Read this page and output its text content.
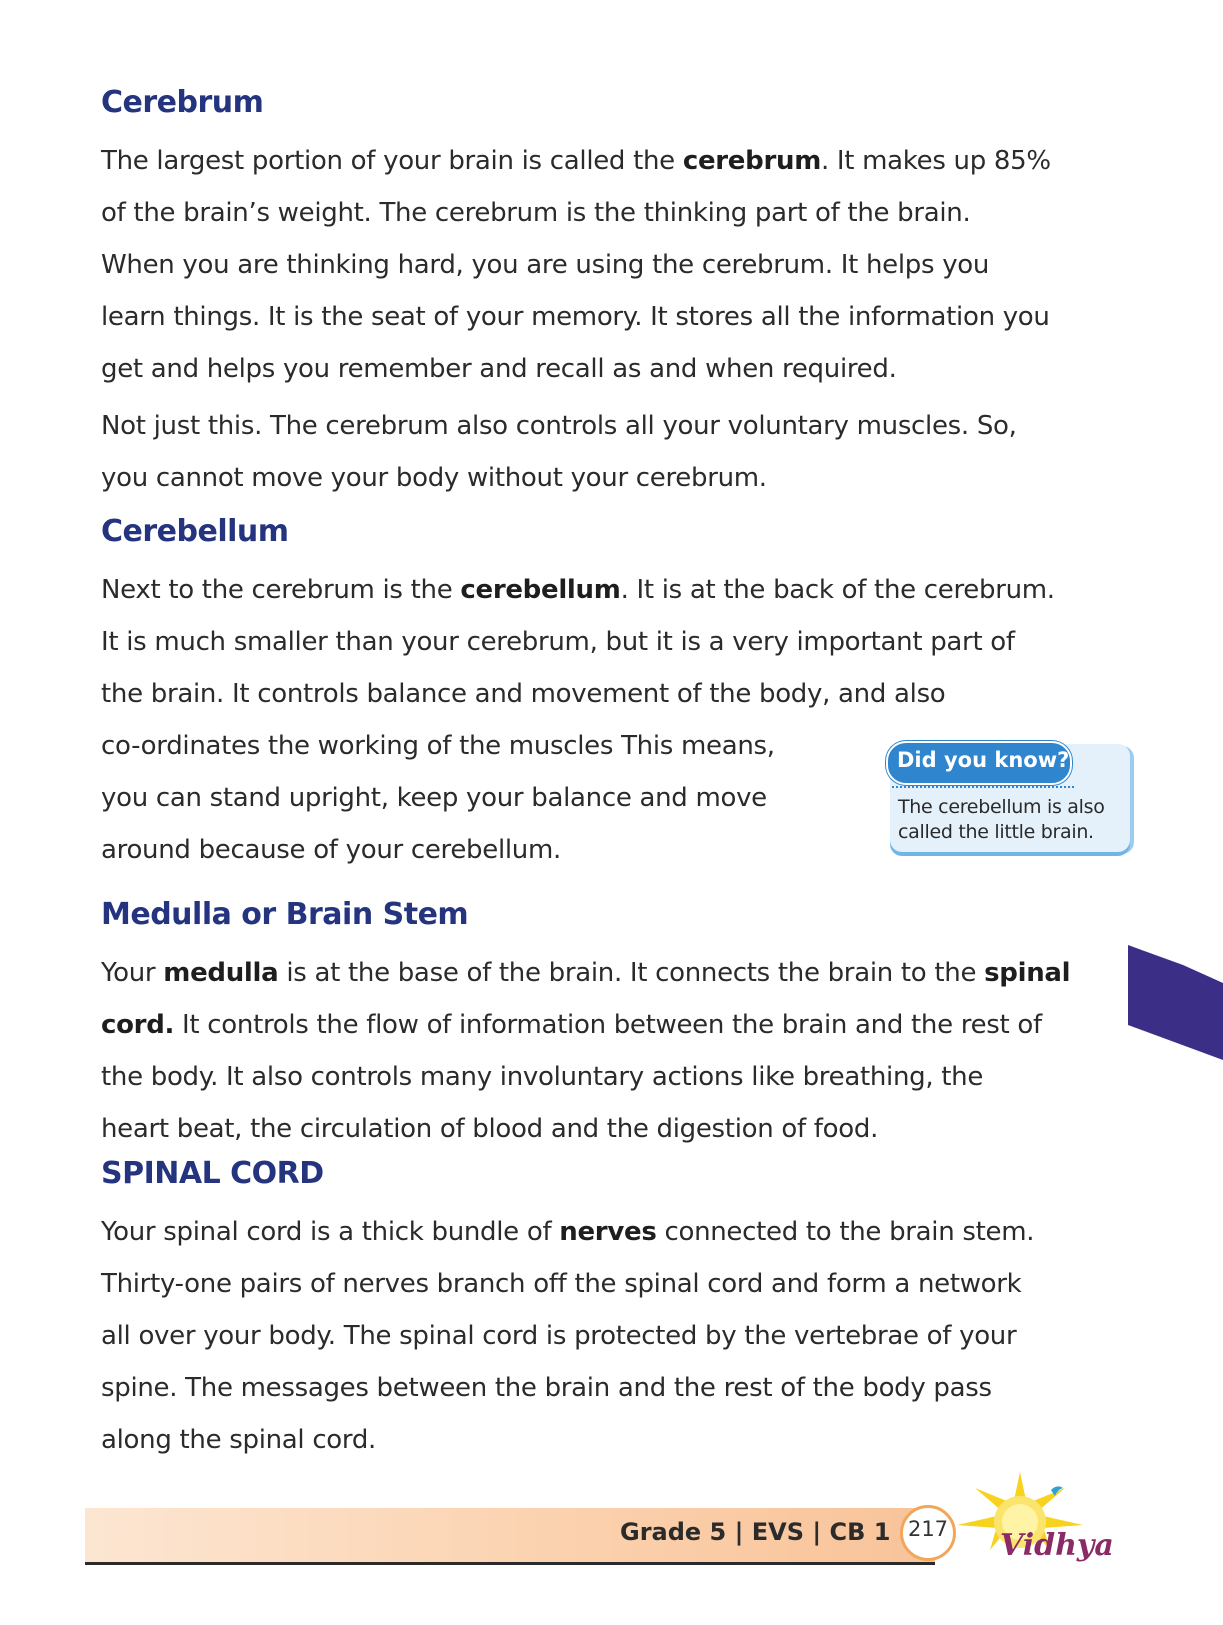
Cerebrum
The largest portion of your brain is called the cerebrum. It makes up 85%
of the brain’s weight. The cerebrum is the thinking part of the brain.
When you are thinking hard, you are using the cerebrum. It helps you
learn things. It is the seat of your memory. It stores all the information you
get and helps you remember and recall as and when required.
Not just this. The cerebrum also controls all your voluntary muscles. So,
you cannot move your body without your cerebrum.
Cerebellum
Next to the cerebrum is the cerebellum. It is at the back of the cerebrum.
It is much smaller than your cerebrum, but it is a very important part of
the brain. It controls balance and movement of the body, and also
co-ordinates the working of the muscles This means,
you can stand upright, keep your balance and move
around because of your cerebellum.
Did you know?
The cerebellum is also called the little brain.
Medulla or Brain Stem
Your medulla is at the base of the brain. It connects the brain to the spinal
cord. It controls the flow of information between the brain and the rest of
the body. It also controls many involuntary actions like breathing, the
heart beat, the circulation of blood and the digestion of food.
SPINAL CORD
Your spinal cord is a thick bundle of nerves connected to the brain stem.
Thirty-one pairs of nerves branch off the spinal cord and form a network
all over your body. The spinal cord is protected by the vertebrae of your
spine. The messages between the brain and the rest of the body pass
along the spinal cord.
Grade 5 | EVS | CB 1 217 Vidhya
